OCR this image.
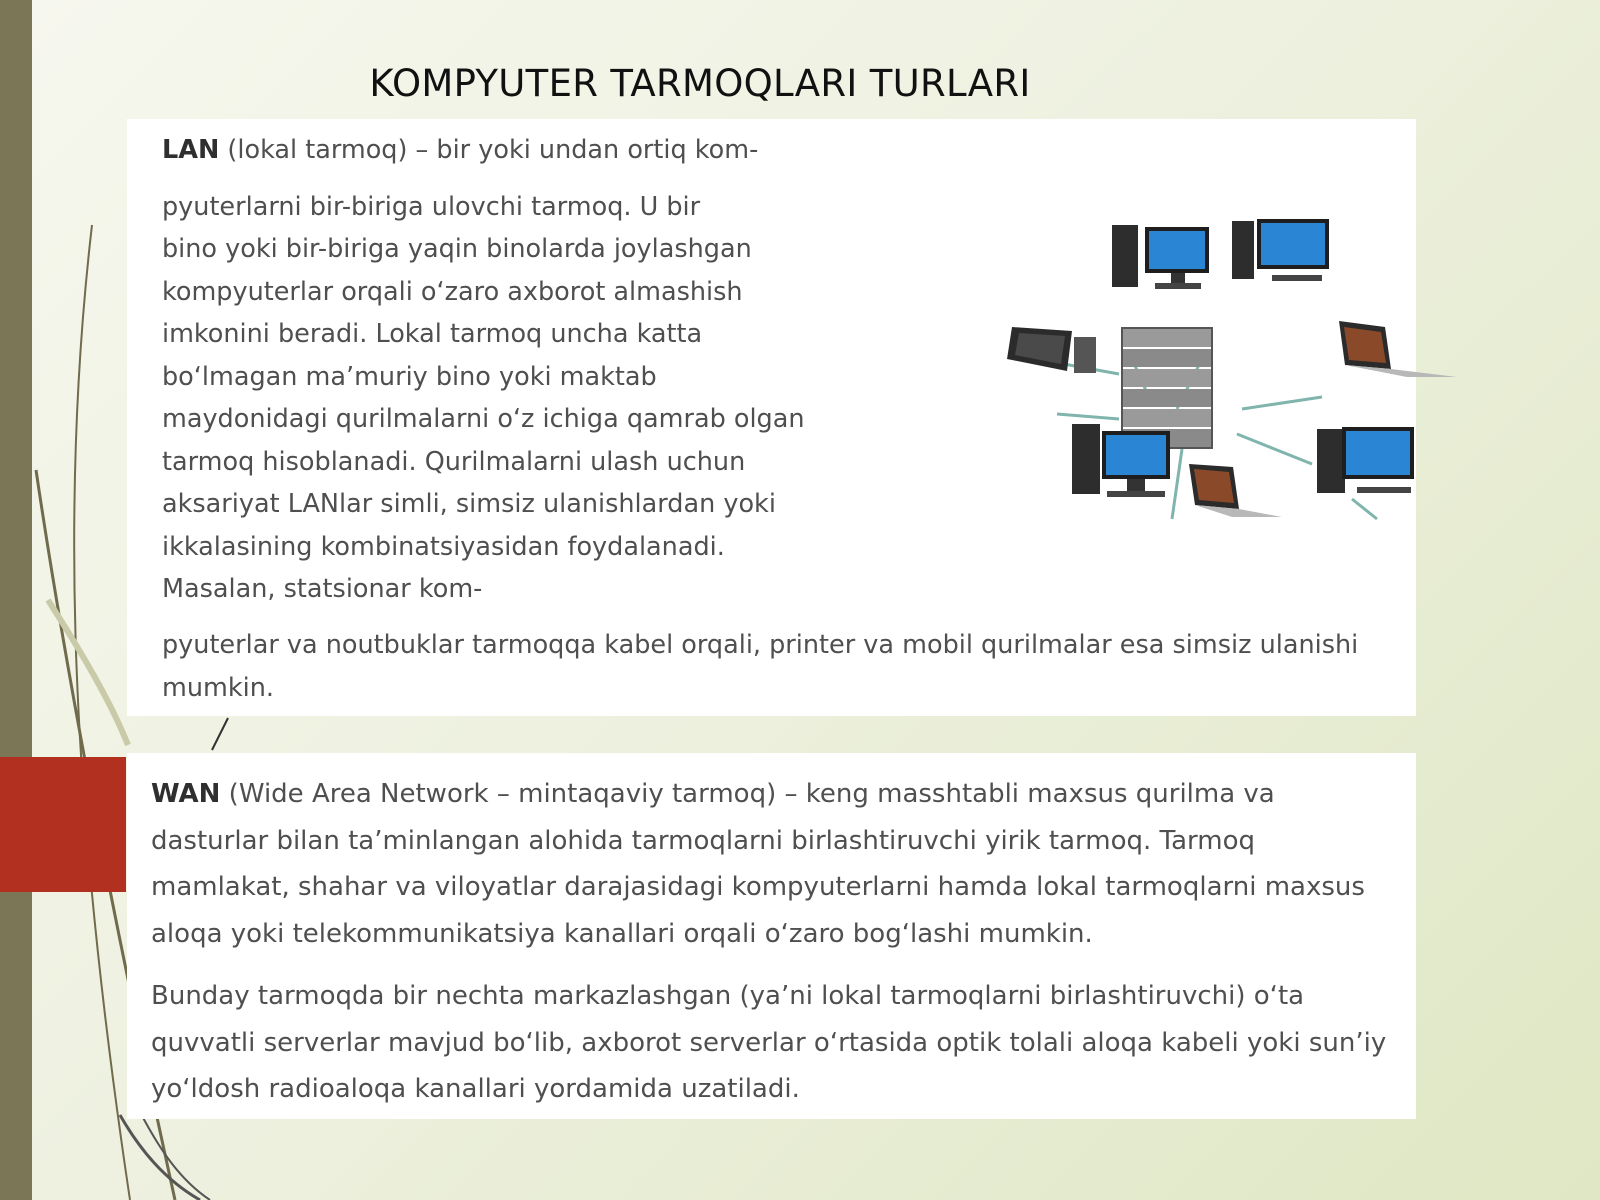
KOMPYUTER TARMOQLARI TURLARI

LAN (lokal tarmoq) – bir yoki undan ortiq kom-

pyuterlarni bir-biriga ulovchi tarmoq. U bir

bino yoki bir-biriga yaqin binolarda joylashgan

kompyuterlar orqali o‘zaro axborot almashish

imkonini beradi. Lokal tarmoq uncha katta

bo‘lmagan ma’muriy bino yoki maktab

maydonidagi qurilmalarni o‘z ichiga qamrab olgan

tarmoq hisoblanadi. Qurilmalarni ulash uchun

aksariyat LANlar simli, simsiz ulanishlardan yoki

ikkalasining kombinatsiyasidan foydalanadi.

Masalan, statsionar kom-

pyuterlar va noutbuklar tarmoqqa kabel orqali, printer va mobil qurilmalar esa simsiz ulanishi mumkin.

WAN (Wide Area Network – mintaqaviy tarmoq) – keng masshtabli maxsus qurilma va dasturlar bilan ta’minlangan alohida tarmoqlarni birlashtiruvchi yirik tarmoq. Tarmoq mamlakat, shahar va viloyatlar darajasidagi kompyuterlarni hamda lokal tarmoqlarni maxsus aloqa yoki telekommunikatsiya kanallari orqali o‘zaro bog‘lashi mumkin.

Bunday tarmoqda bir nechta markazlashgan (ya’ni lokal tarmoqlarni birlashtiruvchi) o‘ta quvvatli serverlar mavjud bo‘lib, axborot serverlar o‘rtasida optik tolali aloqa kabeli yoki sun’iy yo‘ldosh radioaloqa kanallari yordamida uzatiladi.
